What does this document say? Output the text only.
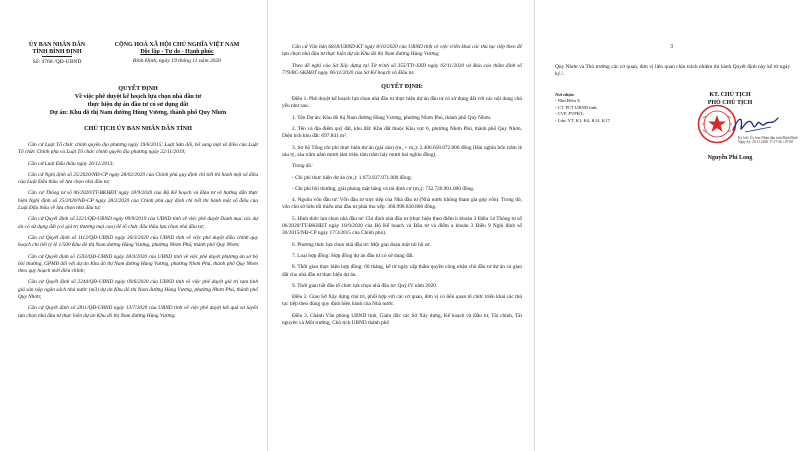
ỦY BAN NHÂN DÂN
TỈNH BÌNH ĐỊNH
Số: 4768 /QĐ-UBND
CỘNG HOÀ XÃ HỘI CHỦ NGHĨA VIỆT NAM
Độc lập - Tự do - Hạnh phúc
Bình Định, ngày 19 tháng 11 năm 2020
QUYẾT ĐỊNH
Về việc phê duyệt kế hoạch lựa chọn nhà đầu tư
thực hiện dự án đầu tư có sử dụng đất
Dự án: Khu đô thị Nam đường Hùng Vương, thành phố Quy Nhơn
CHỦ TỊCH ỦY BAN NHÂN DÂN TỈNH

Căn cứ Luật Tổ chức chính quyền địa phương ngày 19/6/2015; Luật Sửa đổi, bổ sung một số điều của Luật Tổ chức Chính phủ và Luật Tổ chức chính quyền địa phương ngày 22/11/2019;

Căn cứ Luật Đấu thầu ngày 26/11/2013;

Căn cứ Nghị định số 25/2020/NĐ-CP ngày 28/02/2020 của Chính phủ quy định chi tiết thi hành một số điều của Luật Đấu thầu về lựa chọn nhà đầu tư;

Căn cứ Thông tư số 06/2020/TT-BKHĐT ngày 18/9/2020 của Bộ Kế hoạch và Đầu tư về hướng dẫn thực hiện Nghị định số 25/2020/NĐ-CP ngày 28/2/2020 của Chính phủ quy định chi tiết thi hành một số điều của Luật Đấu thầu về lựa chọn nhà đầu tư;

Căn cứ Quyết định số 3221/QĐ-UBND ngày 09/9/2019 của UBND tỉnh về việc phê duyệt Danh mục các dự án có sử dụng đất (có giá trị thương mại cao) để tổ chức đấu thầu lựa chọn nhà đầu tư;

Căn cứ Quyết định số 1112/QĐ-UBND ngày 30/3/2020 của UBND tỉnh về việc phê duyệt điều chỉnh quy hoạch chi tiết tỷ lệ 1/500 Khu đô thị Nam đường Hùng Vương, phường Nhơn Phú, thành phố Quy Nhơn;

Căn cứ Quyết định số 1593/QĐ-UBND ngày 28/4/2020 của UBND tỉnh về việc phê duyệt phương án sơ bộ bồi thường, GPMB đối với dự án Khu đô thị Nam đường Hùng Vương, phường Nhơn Phú, thành phố Quy Nhơn theo quy hoạch mới điều chỉnh;

Căn cứ Quyết định số 2244/QĐ-UBND ngày 09/6/2020 của UBND tỉnh về việc phê duyệt giá trị tạm tính giá sàn nộp ngân sách nhà nước (m3) dự án Khu đô thị Nam đường Hùng Vương, phường Nhơn Phú, thành phố Quy Nhơn;

Căn cứ Quyết định số 2811/QĐ-UBND ngày 13/7/2020 của UBND tỉnh về việc phê duyệt kết quả sơ tuyển lựa chọn nhà đầu tư thực hiện dự án Khu đô thị Nam đường Hùng Vương;

Căn cứ Văn bản 6818/UBND-KT ngày 8/10/2020 của UBND tỉnh về việc triển khai các thủ tục tiếp theo để lựa chọn nhà đầu tư thực hiện dự án Khu đô thị Nam đường Hùng Vương;

Theo đề nghị của Sở Xây dựng tại Tờ trình số 355/TTr-SXD ngày 02/11/2020 và Báo cáo thẩm định số 779/BC-SKHĐT ngày 06/11/2020 của Sở Kế hoạch và Đầu tư.

QUYẾT ĐỊNH:

Điều 1. Phê duyệt kế hoạch lựa chọn nhà đầu tư thực hiện dự án đầu tư có sử dụng đất với các nội dung chủ yếu như sau:

1. Tên Dự án: Khu đô thị Nam đường Hùng Vương, phường Nhơn Phú, thành phố Quy Nhơn.

2. Tên và địa điểm quỹ đất, khu đất: Khu đất thuộc Khu vực 6, phường Nhơn Phú, thành phố Quy Nhơn. Diện tích khu đất: 697.841 m².

3. Sơ bộ Tổng chi phí thực hiện dự án (giá sàn) (m₁ + m₂): 2.406.658.872.000 đồng (Hai nghìn bốn trăm lẻ sáu tỷ, sáu trăm năm mươi tám triệu tám trăm bảy mươi hai nghìn đồng).

Trong đó:

- Chi phí thực hiện dự án (m₁): 1.673.937.971.000 đồng;

- Chi phí bồi thường, giải phóng mặt bằng và tái định cư (m₂): 732.720.901.000 đồng.

4. Nguồn vốn đầu tư: Vốn đầu tư trực tiếp của Nhà đầu tư (Nhà nước không tham gia góp vốn). Trong đó, vốn chủ sở hữu tối thiểu nhà đầu tư phải thu xếp: 360.998.830.800 đồng.

5. Hình thức lựa chọn nhà đầu tư: Chỉ định nhà đầu tư (thực hiện theo điểm b khoản 3 Điều 14 Thông tư số 06/2020/TT-BKHĐT ngày 18/9/2020 của Bộ Kế hoạch và Đầu tư và điểm a khoản 3 Điều 9 Nghị định số 30/2015/NĐ-CP ngày 17/3/2015 của Chính phủ).

6. Phương thức lựa chọn nhà đầu tư: Một giai đoạn một túi hồ sơ.

7. Loại hợp đồng: Hợp đồng dự án đầu tư có sử dụng đất.

8. Thời gian thực hiện hợp đồng: 60 tháng, kể từ ngày cấp thẩm quyền công nhận chủ đầu tư dự án và giao đất cho nhà đầu tư thực hiện dự án.

9. Thời gian bắt đầu tổ chức lựa chọn nhà đầu tư: Quý IV năm 2020.

Điều 2. Giao Sở Xây dựng chủ trì, phối hợp với các cơ quan, đơn vị có liên quan tổ chức triển khai các thủ tục tiếp theo đúng quy định hiện hành của Nhà nước.

Điều 3. Chánh Văn phòng UBND tỉnh, Giám đốc các Sở Xây dựng, Kế hoạch và Đầu tư, Tài chính, Tài nguyên và Môi trường, Chủ tịch UBND thành phố

3

Quy Nhơn và Thủ trưởng các cơ quan, đơn vị liên quan chịu trách nhiệm thi hành Quyết định này kể từ ngày ký./.

Nơi nhận:
- Như Điều 3;
- CT, PCT UBND tỉnh;
- CVP, PVPKT;
- Lưu: VT, K1, K4, K14, K17.
KT. CHỦ TỊCH
PHÓ CHỦ TỊCH
Nguyễn Phi Long
Ký bởi: Ủy ban Nhân dân tỉnh Bình Định Ngày ký: 20.11.2020 17:17:56 +07:00
